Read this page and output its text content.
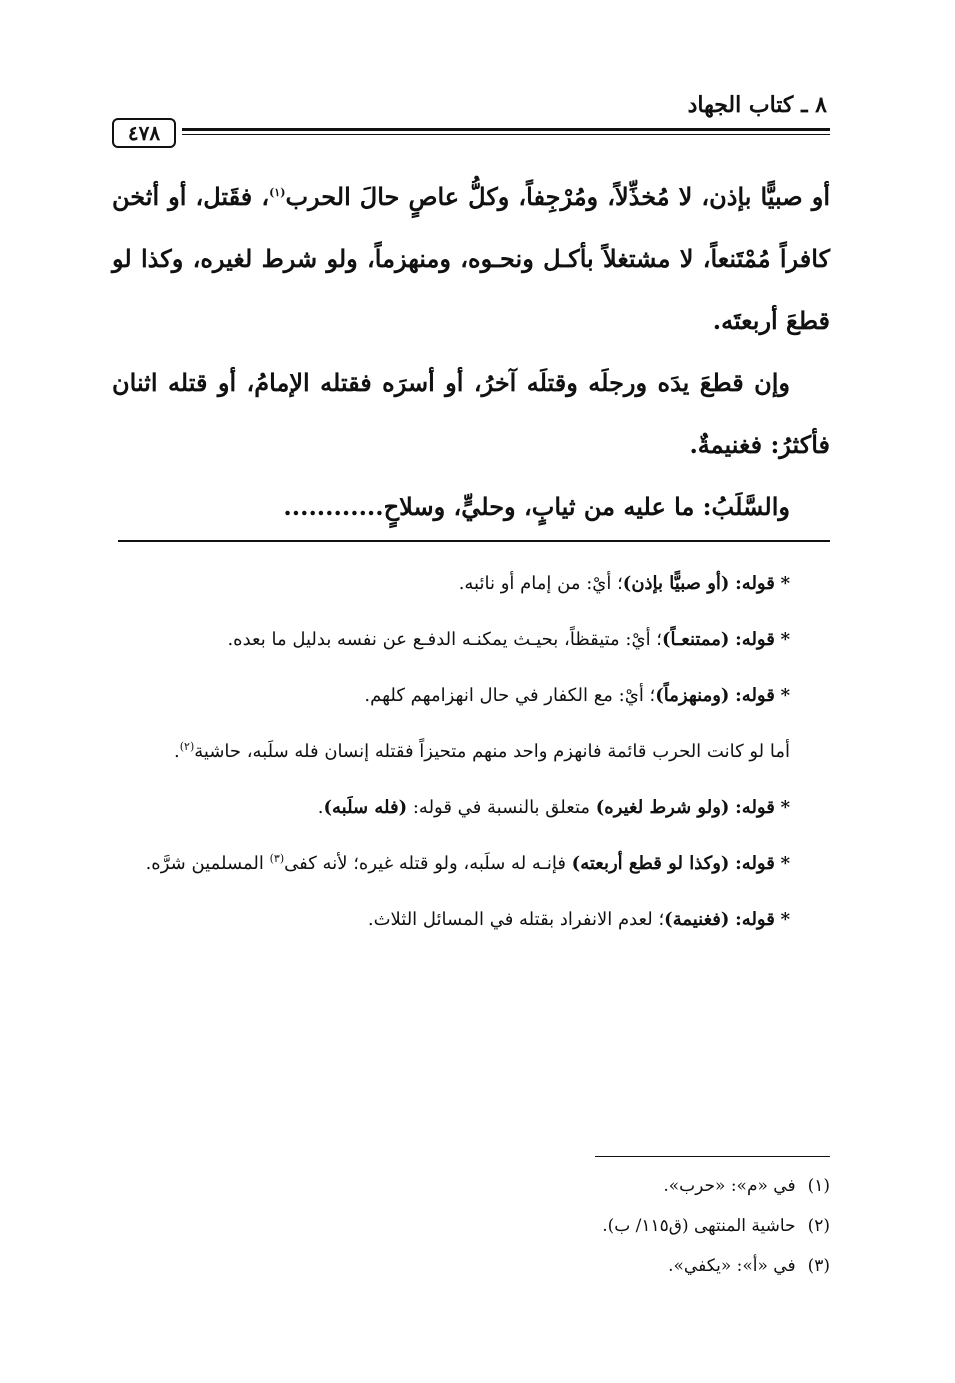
٨ ـ كتاب الجهاد
٤٧٨

أو صبيًّا بإذن، لا مُخذِّلاً، ومُرْجِفاً، وكلُّ عاصٍ حالَ الحرب$^{(١)}$، فقَتل، أو أثخن كافراً مُمْتَنعاً، لا مشتغلاً بأكـل ونحـوه، ومنهزماً، ولو شرط لغيره، وكذا لو قطعَ أربعتَه.

وإن قطعَ يدَه ورجلَه وقتلَه آخرُ، أو أسرَه فقتله الإمامُ، أو قتله اثنان فأكثرُ: فغنيمةٌ.

والسَّلَبُ: ما عليه من ثيابٍ، وحليٍّ، وسلاحٍ............

* قوله: (أو صبيًّا بإذن)؛ أيْ: من إمام أو نائبه.

* قوله: (ممتنعـاً)؛ أيْ: متيقظاً، بحيـث يمكنـه الدفـع عن نفسه بدليل ما بعده.

* قوله: (ومنهزماً)؛ أيْ: مع الكفار في حال انهزامهم كلهم.

أما لو كانت الحرب قائمة فانهزم واحد منهم متحيزاً فقتله إنسان فله سلَبه، حاشية$^{(٢)}$.

* قوله: (ولو شرط لغيره) متعلق بالنسبة في قوله: (فله سلَبه).

* قوله: (وكذا لو قطع أربعته) فإنـه له سلَبه، ولو قتله غيره؛ لأنه كفى$^{(٣)}$ المسلمين شرَّه.

* قوله: (فغنيمة)؛ لعدم الانفراد بقتله في المسائل الثلاث.

(١)في «م»: «حرب».

(٢)حاشية المنتهى (ق١١٥/ ب).

(٣)في «أ»: «يكفي».
